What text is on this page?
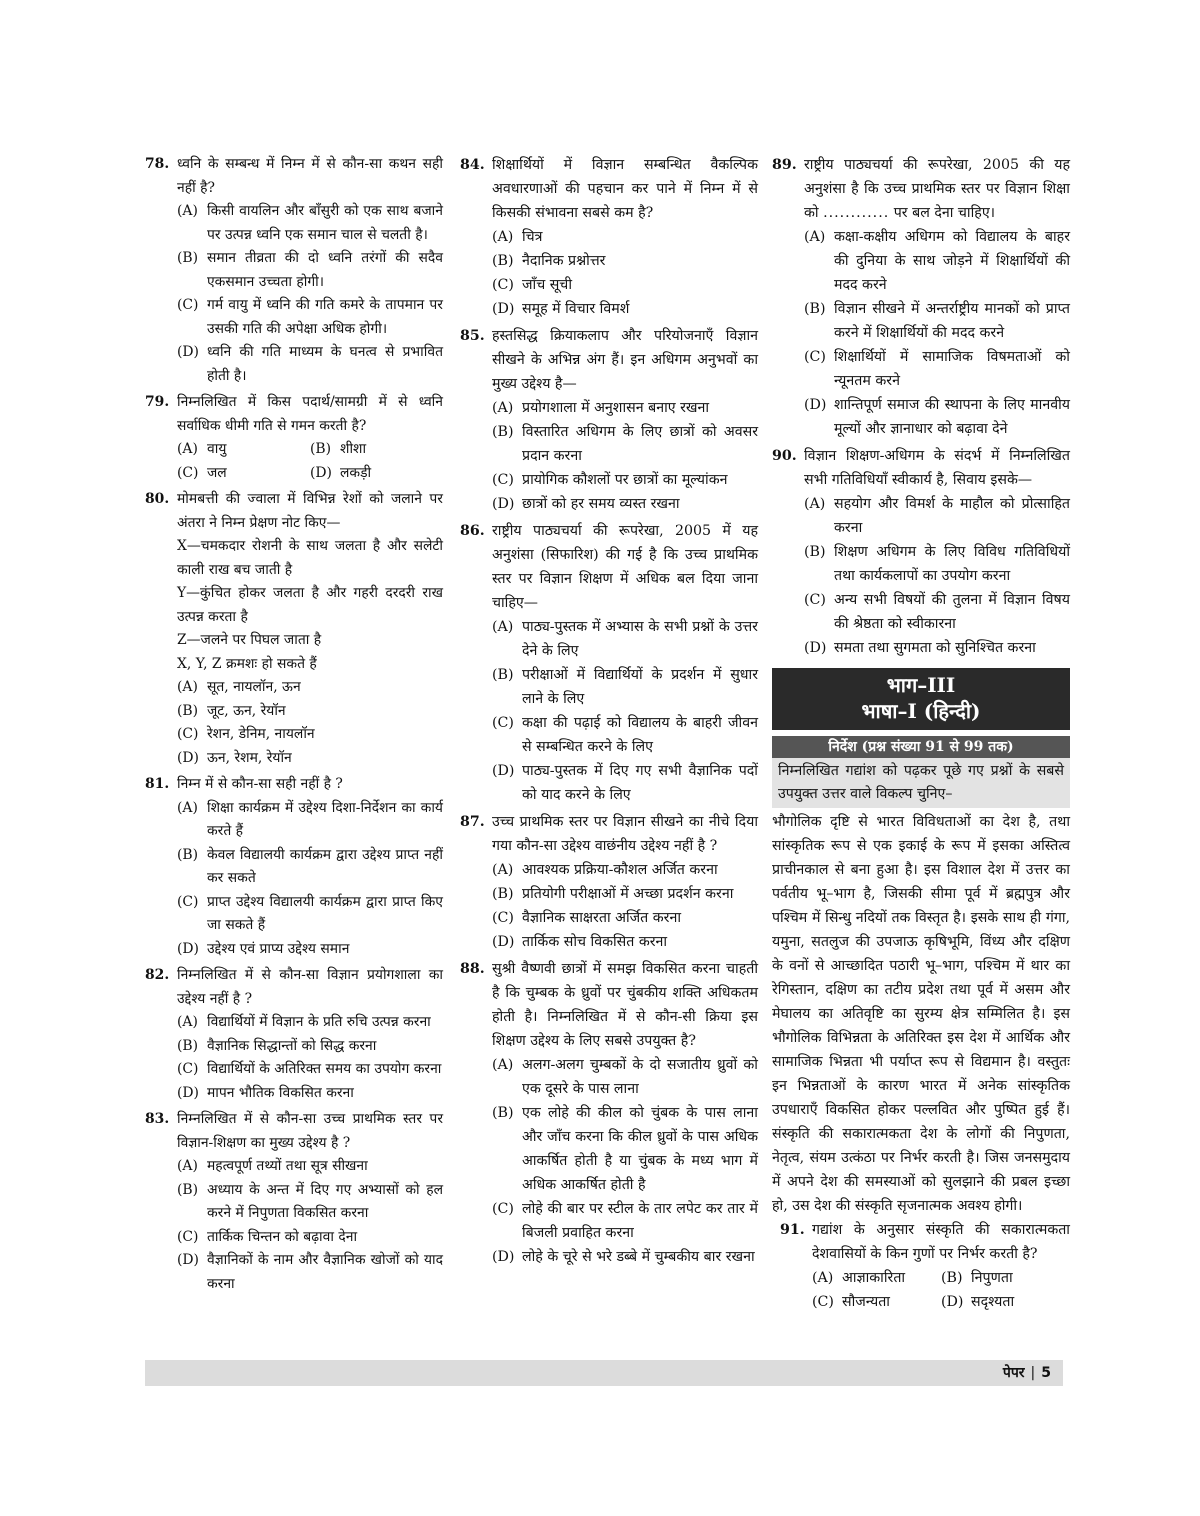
78. ध्वनि के सम्बन्ध में निम्न में से कौन-सा कथन सही नहीं है?
(A) किसी वायलिन और बाँसुरी को एक साथ बजाने पर उत्पन्न ध्वनि एक समान चाल से चलती है।
(B) समान तीव्रता की दो ध्वनि तरंगों की सदैव एकसमान उच्चता होगी।
(C) गर्म वायु में ध्वनि की गति कमरे के तापमान पर उसकी गति की अपेक्षा अधिक होगी।
(D) ध्वनि की गति माध्यम के घनत्व से प्रभावित होती है।
79. निम्नलिखित में किस पदार्थ/सामग्री में से ध्वनि सर्वाधिक धीमी गति से गमन करती है?
(A) वायु	(B) शीशा
(C) जल	(D) लकड़ी
80. मोमबत्ती की ज्वाला में विभिन्न रेशों को जलाने पर अंतरा ने निम्न प्रेक्षण नोट किए—
X—चमकदार रोशनी के साथ जलता है और सलेटी काली राख बच जाती है
Y—कुंचित होकर जलता है और गहरी दरदरी राख उत्पन्न करता है
Z—जलने पर पिघल जाता है
X, Y, Z क्रमशः हो सकते हैं
(A) सूत, नायलॉन, ऊन
(B) जूट, ऊन, रेयॉन
(C) रेशन, डेनिम, नायलॉन
(D) ऊन, रेशम, रेयॉन
81. निम्न में से कौन-सा सही नहीं है ?
(A) शिक्षा कार्यक्रम में उद्देश्य दिशा-निर्देशन का कार्य करते हैं
(B) केवल विद्यालयी कार्यक्रम द्वारा उद्देश्य प्राप्त नहीं कर सकते
(C) प्राप्त उद्देश्य विद्यालयी कार्यक्रम द्वारा प्राप्त किए जा सकते हैं
(D) उद्देश्य एवं प्राप्य उद्देश्य समान
82. निम्नलिखित में से कौन-सा विज्ञान प्रयोगशाला का उद्देश्य नहीं है ?
(A) विद्यार्थियों में विज्ञान के प्रति रुचि उत्पन्न करना
(B) वैज्ञानिक सिद्धान्तों को सिद्ध करना
(C) विद्यार्थियों के अतिरिक्त समय का उपयोग करना
(D) मापन भौतिक विकसित करना
83. निम्नलिखित में से कौन-सा उच्च प्राथमिक स्तर पर विज्ञान-शिक्षण का मुख्य उद्देश्य है ?
(A) महत्वपूर्ण तथ्यों तथा सूत्र सीखना
(B) अध्याय के अन्त में दिए गए अभ्यासों को हल करने में निपुणता विकसित करना
(C) तार्किक चिन्तन को बढ़ावा देना
(D) वैज्ञानिकों के नाम और वैज्ञानिक खोजों को याद करना
84. शिक्षार्थियों में विज्ञान सम्बन्धित वैकल्पिक अवधारणाओं की पहचान कर पाने में निम्न में से किसकी संभावना सबसे कम है?
(A) चित्र
(B) नैदानिक प्रश्नोत्तर
(C) जाँच सूची
(D) समूह में विचार विमर्श
85. हस्तसिद्ध क्रियाकलाप और परियोजनाएँ विज्ञान सीखने के अभिन्न अंग हैं। इन अधिगम अनुभवों का मुख्य उद्देश्य है—
(A) प्रयोगशाला में अनुशासन बनाए रखना
(B) विस्तारित अधिगम के लिए छात्रों को अवसर प्रदान करना
(C) प्रायोगिक कौशलों पर छात्रों का मूल्यांकन
(D) छात्रों को हर समय व्यस्त रखना
86. राष्ट्रीय पाठ्यचर्या की रूपरेखा, 2005 में यह अनुशंसा (सिफारिश) की गई है कि उच्च प्राथमिक स्तर पर विज्ञान शिक्षण में अधिक बल दिया जाना चाहिए—
(A) पाठ्य-पुस्तक में अभ्यास के सभी प्रश्नों के उत्तर देने के लिए
(B) परीक्षाओं में विद्यार्थियों के प्रदर्शन में सुधार लाने के लिए
(C) कक्षा की पढ़ाई को विद्यालय के बाहरी जीवन से सम्बन्धित करने के लिए
(D) पाठ्य-पुस्तक में दिए गए सभी वैज्ञानिक पदों को याद करने के लिए
87. उच्च प्राथमिक स्तर पर विज्ञान सीखने का नीचे दिया गया कौन-सा उद्देश्य वाछंनीय उद्देश्य नहीं है ?
(A) आवश्यक प्रक्रिया-कौशल अर्जित करना
(B) प्रतियोगी परीक्षाओं में अच्छा प्रदर्शन करना
(C) वैज्ञानिक साक्षरता अर्जित करना
(D) तार्किक सोच विकसित करना
88. सुश्री वैष्णवी छात्रों में समझ विकसित करना चाहती है कि चुम्बक के ध्रुवों पर चुंबकीय शक्ति अधिकतम होती है। निम्नलिखित में से कौन-सी क्रिया इस शिक्षण उद्देश्य के लिए सबसे उपयुक्त है?
(A) अलग-अलग चुम्बकों के दो सजातीय ध्रुवों को एक दूसरे के पास लाना
(B) एक लोहे की कील को चुंबक के पास लाना और जाँच करना कि कील ध्रुवों के पास अधिक आकर्षित होती है या चुंबक के मध्य भाग में अधिक आकर्षित होती है
(C) लोहे की बार पर स्टील के तार लपेट कर तार में बिजली प्रवाहित करना
(D) लोहे के चूरे से भरे डब्बे में चुम्बकीय बार रखना
89. राष्ट्रीय पाठ्यचर्या की रूपरेखा, 2005 की यह अनुशंसा है कि उच्च प्राथमिक स्तर पर विज्ञान शिक्षा को ............ पर बल देना चाहिए।
(A) कक्षा-कक्षीय अधिगम को विद्यालय के बाहर की दुनिया के साथ जोड़ने में शिक्षार्थियों की मदद करने
(B) विज्ञान सीखने में अन्तर्राष्ट्रीय मानकों को प्राप्त करने में शिक्षार्थियों की मदद करने
(C) शिक्षार्थियों में सामाजिक विषमताओं को न्यूनतम करने
(D) शान्तिपूर्ण समाज की स्थापना के लिए मानवीय मूल्यों और ज्ञानाधार को बढ़ावा देने
90. विज्ञान शिक्षण-अधिगम के संदर्भ में निम्नलिखित सभी गतिविधियाँ स्वीकार्य है, सिवाय इसके—
(A) सहयोग और विमर्श के माहौल को प्रोत्साहित करना
(B) शिक्षण अधिगम के लिए विविध गतिविधियों तथा कार्यकलापों का उपयोग करना
(C) अन्य सभी विषयों की तुलना में विज्ञान विषय की श्रेष्ठता को स्वीकारना
(D) समता तथा सुगमता को सुनिश्चित करना
भाग–III
भाषा–I (हिन्दी)
निर्देश (प्रश्न संख्या 91 से 99 तक)
निम्नलिखित गद्यांश को पढ़कर पूछे गए प्रश्नों के सबसे उपयुक्त उत्तर वाले विकल्प चुनिए–
भौगोलिक दृष्टि से भारत विविधताओं का देश है, तथा सांस्कृतिक रूप से एक इकाई के रूप में इसका अस्तित्व प्राचीनकाल से बना हुआ है। इस विशाल देश में उत्तर का पर्वतीय भू–भाग है, जिसकी सीमा पूर्व में ब्रह्मपुत्र और पश्चिम में सिन्धु नदियों तक विस्तृत है। इसके साथ ही गंगा, यमुना, सतलुज की उपजाऊ कृषिभूमि, विंध्य और दक्षिण के वनों से आच्छादित पठारी भू–भाग, पश्चिम में थार का रेगिस्तान, दक्षिण का तटीय प्रदेश तथा पूर्व में असम और मेघालय का अतिवृष्टि का सुरम्य क्षेत्र सम्मिलित है। इस भौगोलिक विभिन्नता के अतिरिक्त इस देश में आर्थिक और सामाजिक भिन्नता भी पर्याप्त रूप से विद्यमान है। वस्तुतः इन भिन्नताओं के कारण भारत में अनेक सांस्कृतिक उपधाराएँ विकसित होकर पल्लवित और पुष्पित हुई हैं। संस्कृति की सकारात्मकता देश के लोगों की निपुणता, नेतृत्व, संयम उत्कंठा पर निर्भर करती है। जिस जनसमुदाय में अपने देश की समस्याओं को सुलझाने की प्रबल इच्छा हो, उस देश की संस्कृति सृजनात्मक अवश्य होगी।
91. गद्यांश के अनुसार संस्कृति की सकारात्मकता देशवासियों के किन गुणों पर निर्भर करती है?
(A) आज्ञाकारिता	(B) निपुणता
(C) सौजन्यता	(D) सदृश्यता
पेपर | 5
